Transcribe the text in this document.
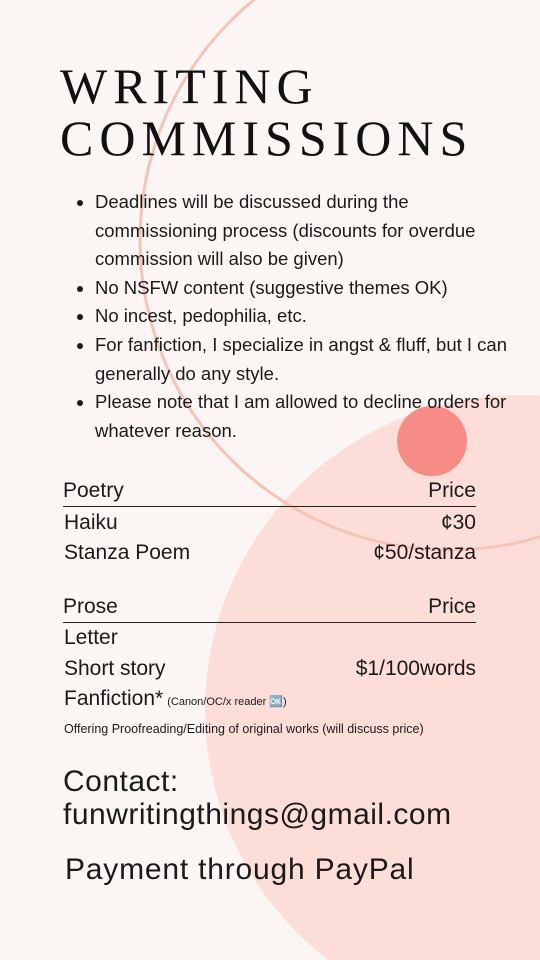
WRITING
COMMISSIONS
• Deadlines will be discussed during the commissioning process (discounts for overdue commission will also be given)
• No NSFW content (suggestive themes OK)
• No incest, pedophilia, etc.
• For fanfiction, I specialize in angst & fluff, but I can generally do any style.
• Please note that I am allowed to decline orders for whatever reason.
Poetry	Price
Haiku	¢30
Stanza Poem	¢50/stanza
Prose	Price
Letter
Short story	$1/100words
Fanfiction* (Canon/OC/x reader 🆗)
Offering Proofreading/Editing of original works (will discuss price)
Contact:
funwritingthings@gmail.com
Payment through PayPal
